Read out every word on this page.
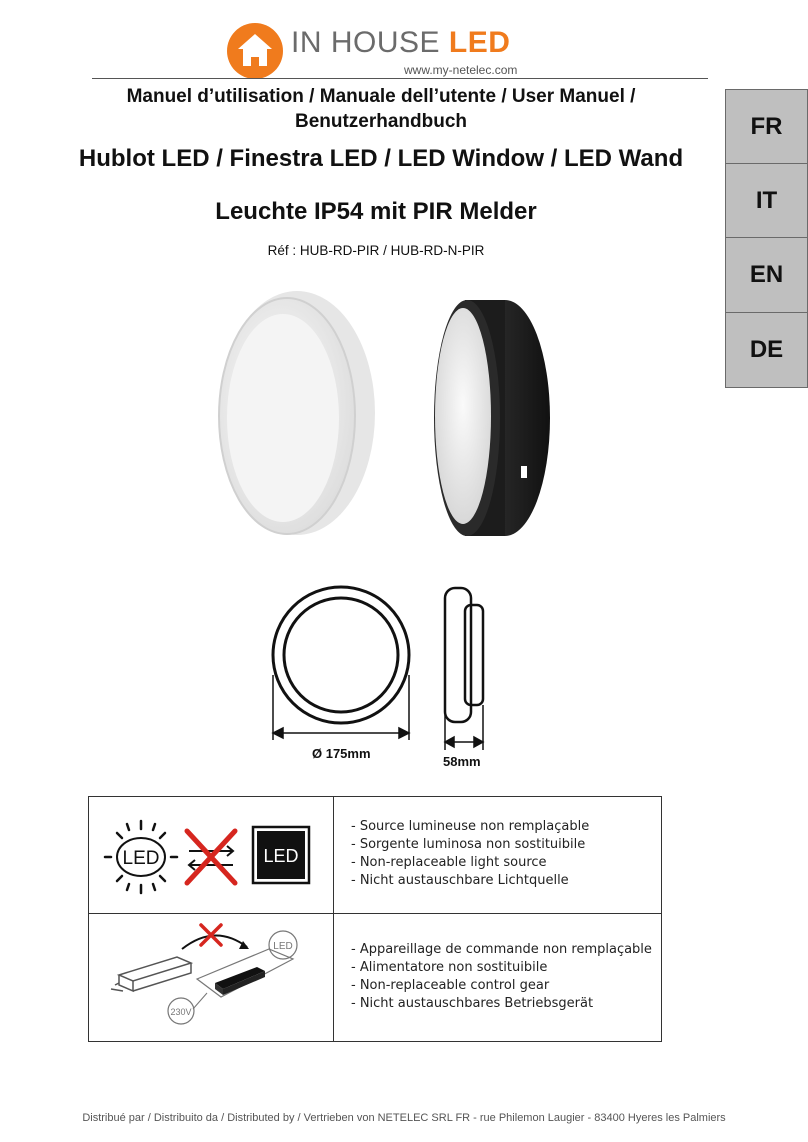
IN HOUSE LED
www.my-netelec.com
Manuel d’utilisation / Manuale dell’utente / User Manuel /
Benutzerhandbuch
Hublot LED / Finestra LED / LED Window / LED Wand
Leuchte IP54 mit PIR Melder
Réf : HUB-RD-PIR / HUB-RD-N-PIR
FR
IT
EN
DE
Ø 175mm
58mm
LED	LED
LED
230V
- Source lumineuse non remplaçable
- Sorgente luminosa non sostituibile
- Non-replaceable light source
- Nicht austauschbare Lichtquelle
- Appareillage de commande non remplaçable
- Alimentatore non sostituibile
- Non-replaceable control gear
- Nicht austauschbares Betriebsgerät
Distribué par / Distribuito da / Distributed by / Vertrieben von NETELEC SRL FR - rue Philemon Laugier - 83400 Hyeres les Palmiers
